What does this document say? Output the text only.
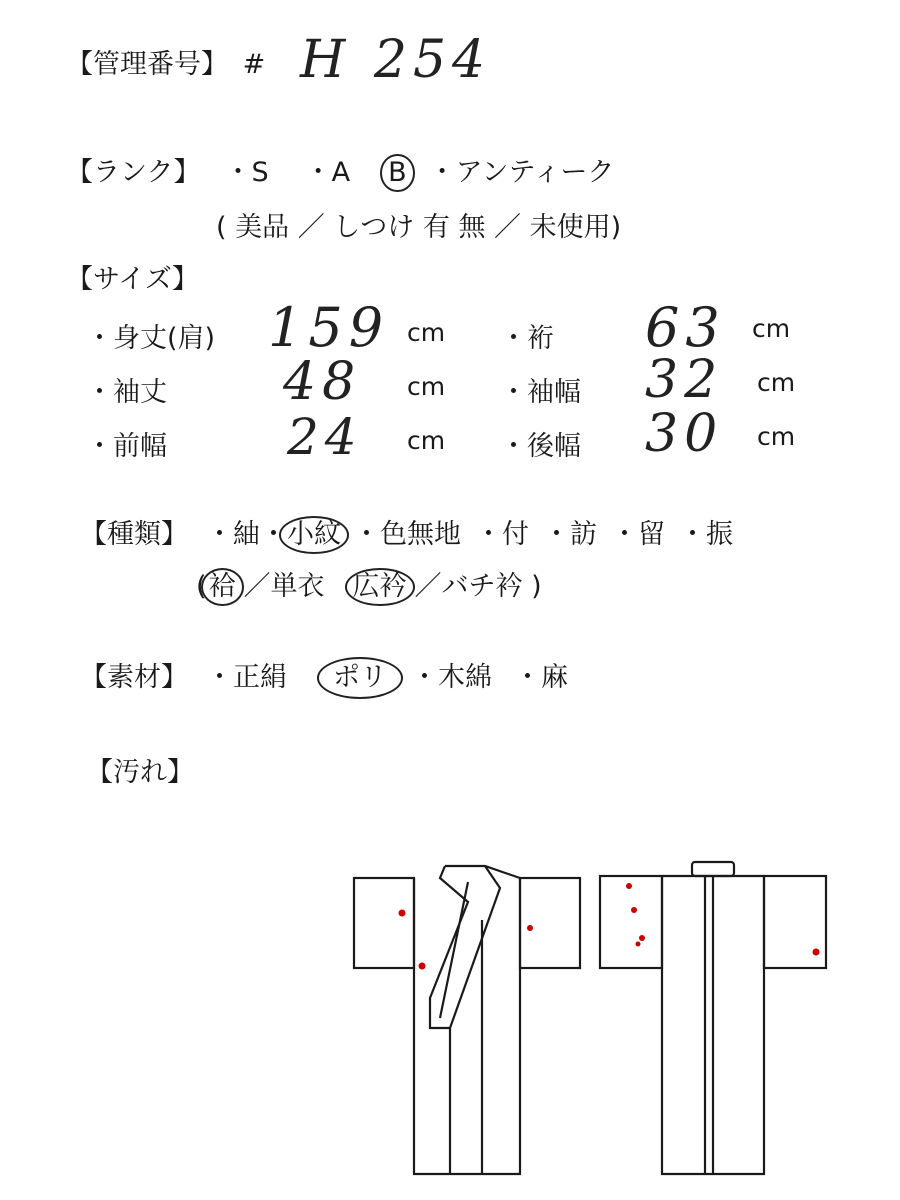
【管理番号】 # H 254
【ランク】 ・S ・A B ・アンティーク
( 美品 ／ しつけ 有 無 ／ 未使用)
【サイズ】
・身丈(肩) 159 cm ・裄 63 cm
・袖丈 48 cm ・袖幅 32 cm
・前幅 24 cm ・後幅 30 cm
【種類】 ・紬 ・ 小紋 ・色無地 ・付 ・訪 ・留 ・振
( 袷 ／単衣 広衿 ／バチ衿 )
【素材】 ・正絹	ポリ ・木綿 ・麻
【汚れ】
